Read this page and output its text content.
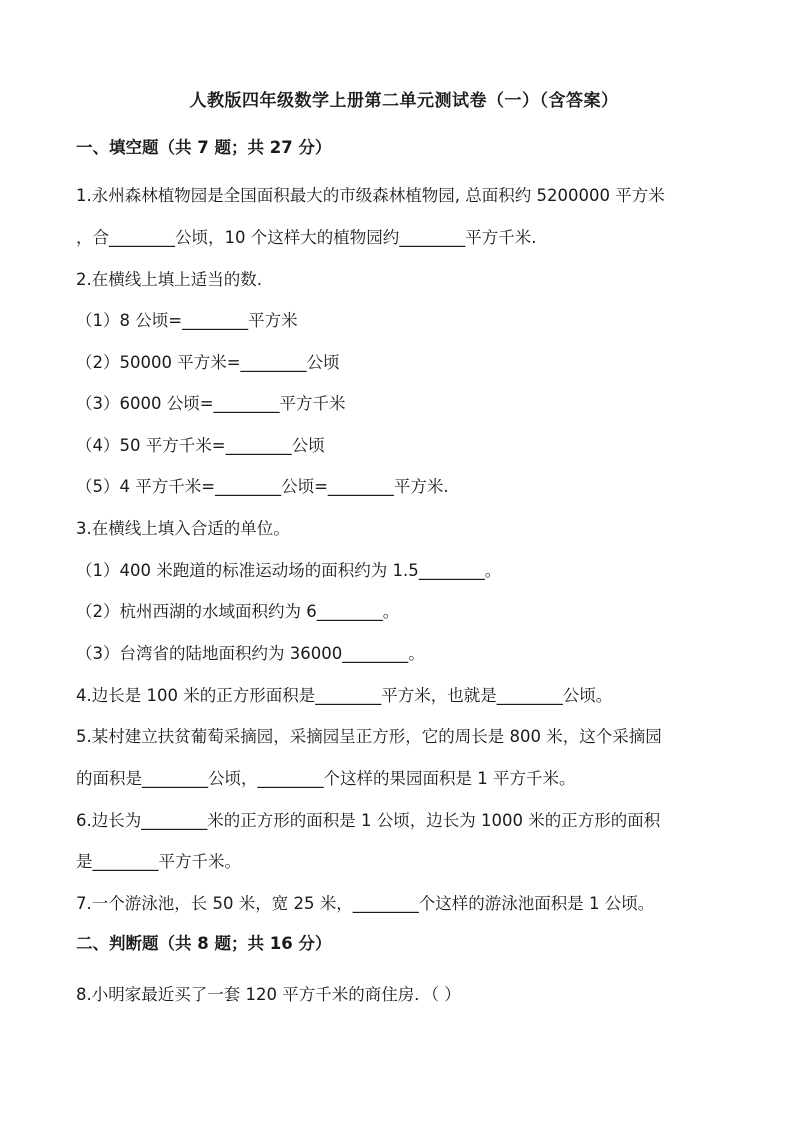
人教版四年级数学上册第二单元测试卷（一）（含答案）
一、填空题（共 7 题；共 27 分）
1.永州森林植物园是全国面积最大的市级森林植物园, 总面积约 5200000 平方米
，合________公顷，10 个这样大的植物园约________平方千米.
2.在横线上填上适当的数.
（1）8 公顷=________平方米
（2）50000 平方米=________公顷
（3）6000 公顷=________平方千米
（4）50 平方千米=________公顷
（5）4 平方千米=________公顷=________平方米.
3.在横线上填入合适的单位。
（1）400 米跑道的标准运动场的面积约为 1.5________。
（2）杭州西湖的水域面积约为 6________。
（3）台湾省的陆地面积约为 36000________。
4.边长是 100 米的正方形面积是________平方米，也就是________公顷。
5.某村建立扶贫葡萄采摘园，采摘园呈正方形，它的周长是 800 米，这个采摘园
的面积是________公顷，________个这样的果园面积是 1 平方千米。
6.边长为________米的正方形的面积是 1 公顷，边长为 1000 米的正方形的面积
是________平方千米。
7.一个游泳池，长 50 米，宽 25 米，________个这样的游泳池面积是 1 公顷。
二、判断题（共 8 题；共 16 分）
8.小明家最近买了一套 120 平方千米的商住房．（ ）
